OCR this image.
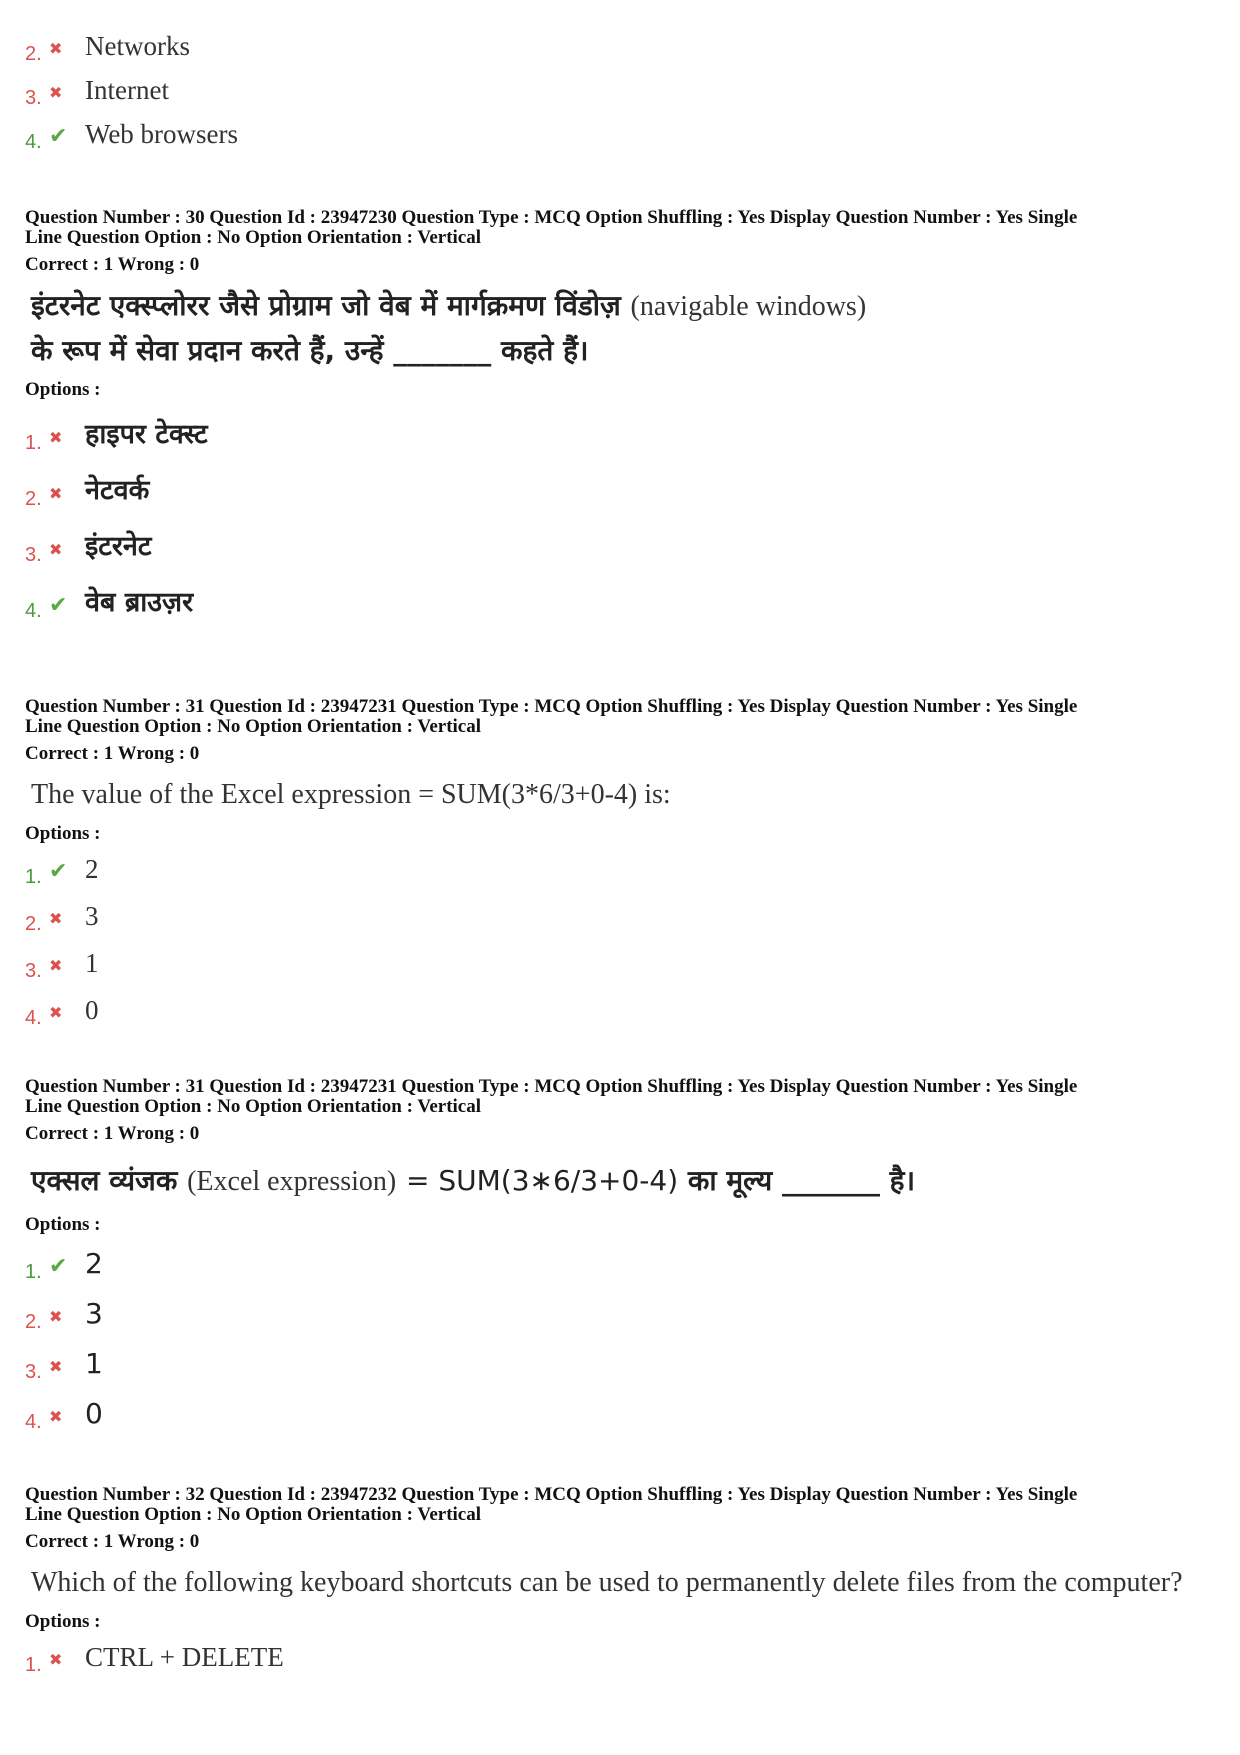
2. ✖ Networks
3. ✖ Internet
4. ✔ Web browsers
Question Number : 30 Question Id : 23947230 Question Type : MCQ Option Shuffling : Yes Display Question Number : Yes Single
Line Question Option : No Option Orientation : Vertical
Correct : 1 Wrong : 0
इंटरनेट एक्स्प्लोरर जैसे प्रोग्राम जो वेब में मार्गक्रमण विंडोज़ (navigable windows)
के रूप में सेवा प्रदान करते हैं, उन्हें _______ कहते हैं।
Options :
1. ✖ हाइपर टेक्स्ट
2. ✖ नेटवर्क
3. ✖ इंटरनेट
4. ✔ वेब ब्राउज़र
Question Number : 31 Question Id : 23947231 Question Type : MCQ Option Shuffling : Yes Display Question Number : Yes Single
Line Question Option : No Option Orientation : Vertical
Correct : 1 Wrong : 0
The value of the Excel expression = SUM(3*6/3+0-4) is:
Options :
1. ✔ 2
2. ✖ 3
3. ✖ 1
4. ✖ 0
Question Number : 31 Question Id : 23947231 Question Type : MCQ Option Shuffling : Yes Display Question Number : Yes Single
Line Question Option : No Option Orientation : Vertical
Correct : 1 Wrong : 0
एक्सल व्यंजक (Excel expression) = SUM(3∗6/3+0-4) का मूल्य _______ है।
Options :
1. ✔ 2
2. ✖ 3
3. ✖ 1
4. ✖ 0
Question Number : 32 Question Id : 23947232 Question Type : MCQ Option Shuffling : Yes Display Question Number : Yes Single
Line Question Option : No Option Orientation : Vertical
Correct : 1 Wrong : 0
Which of the following keyboard shortcuts can be used to permanently delete files from the computer?
Options :
1. ✖ CTRL + DELETE
